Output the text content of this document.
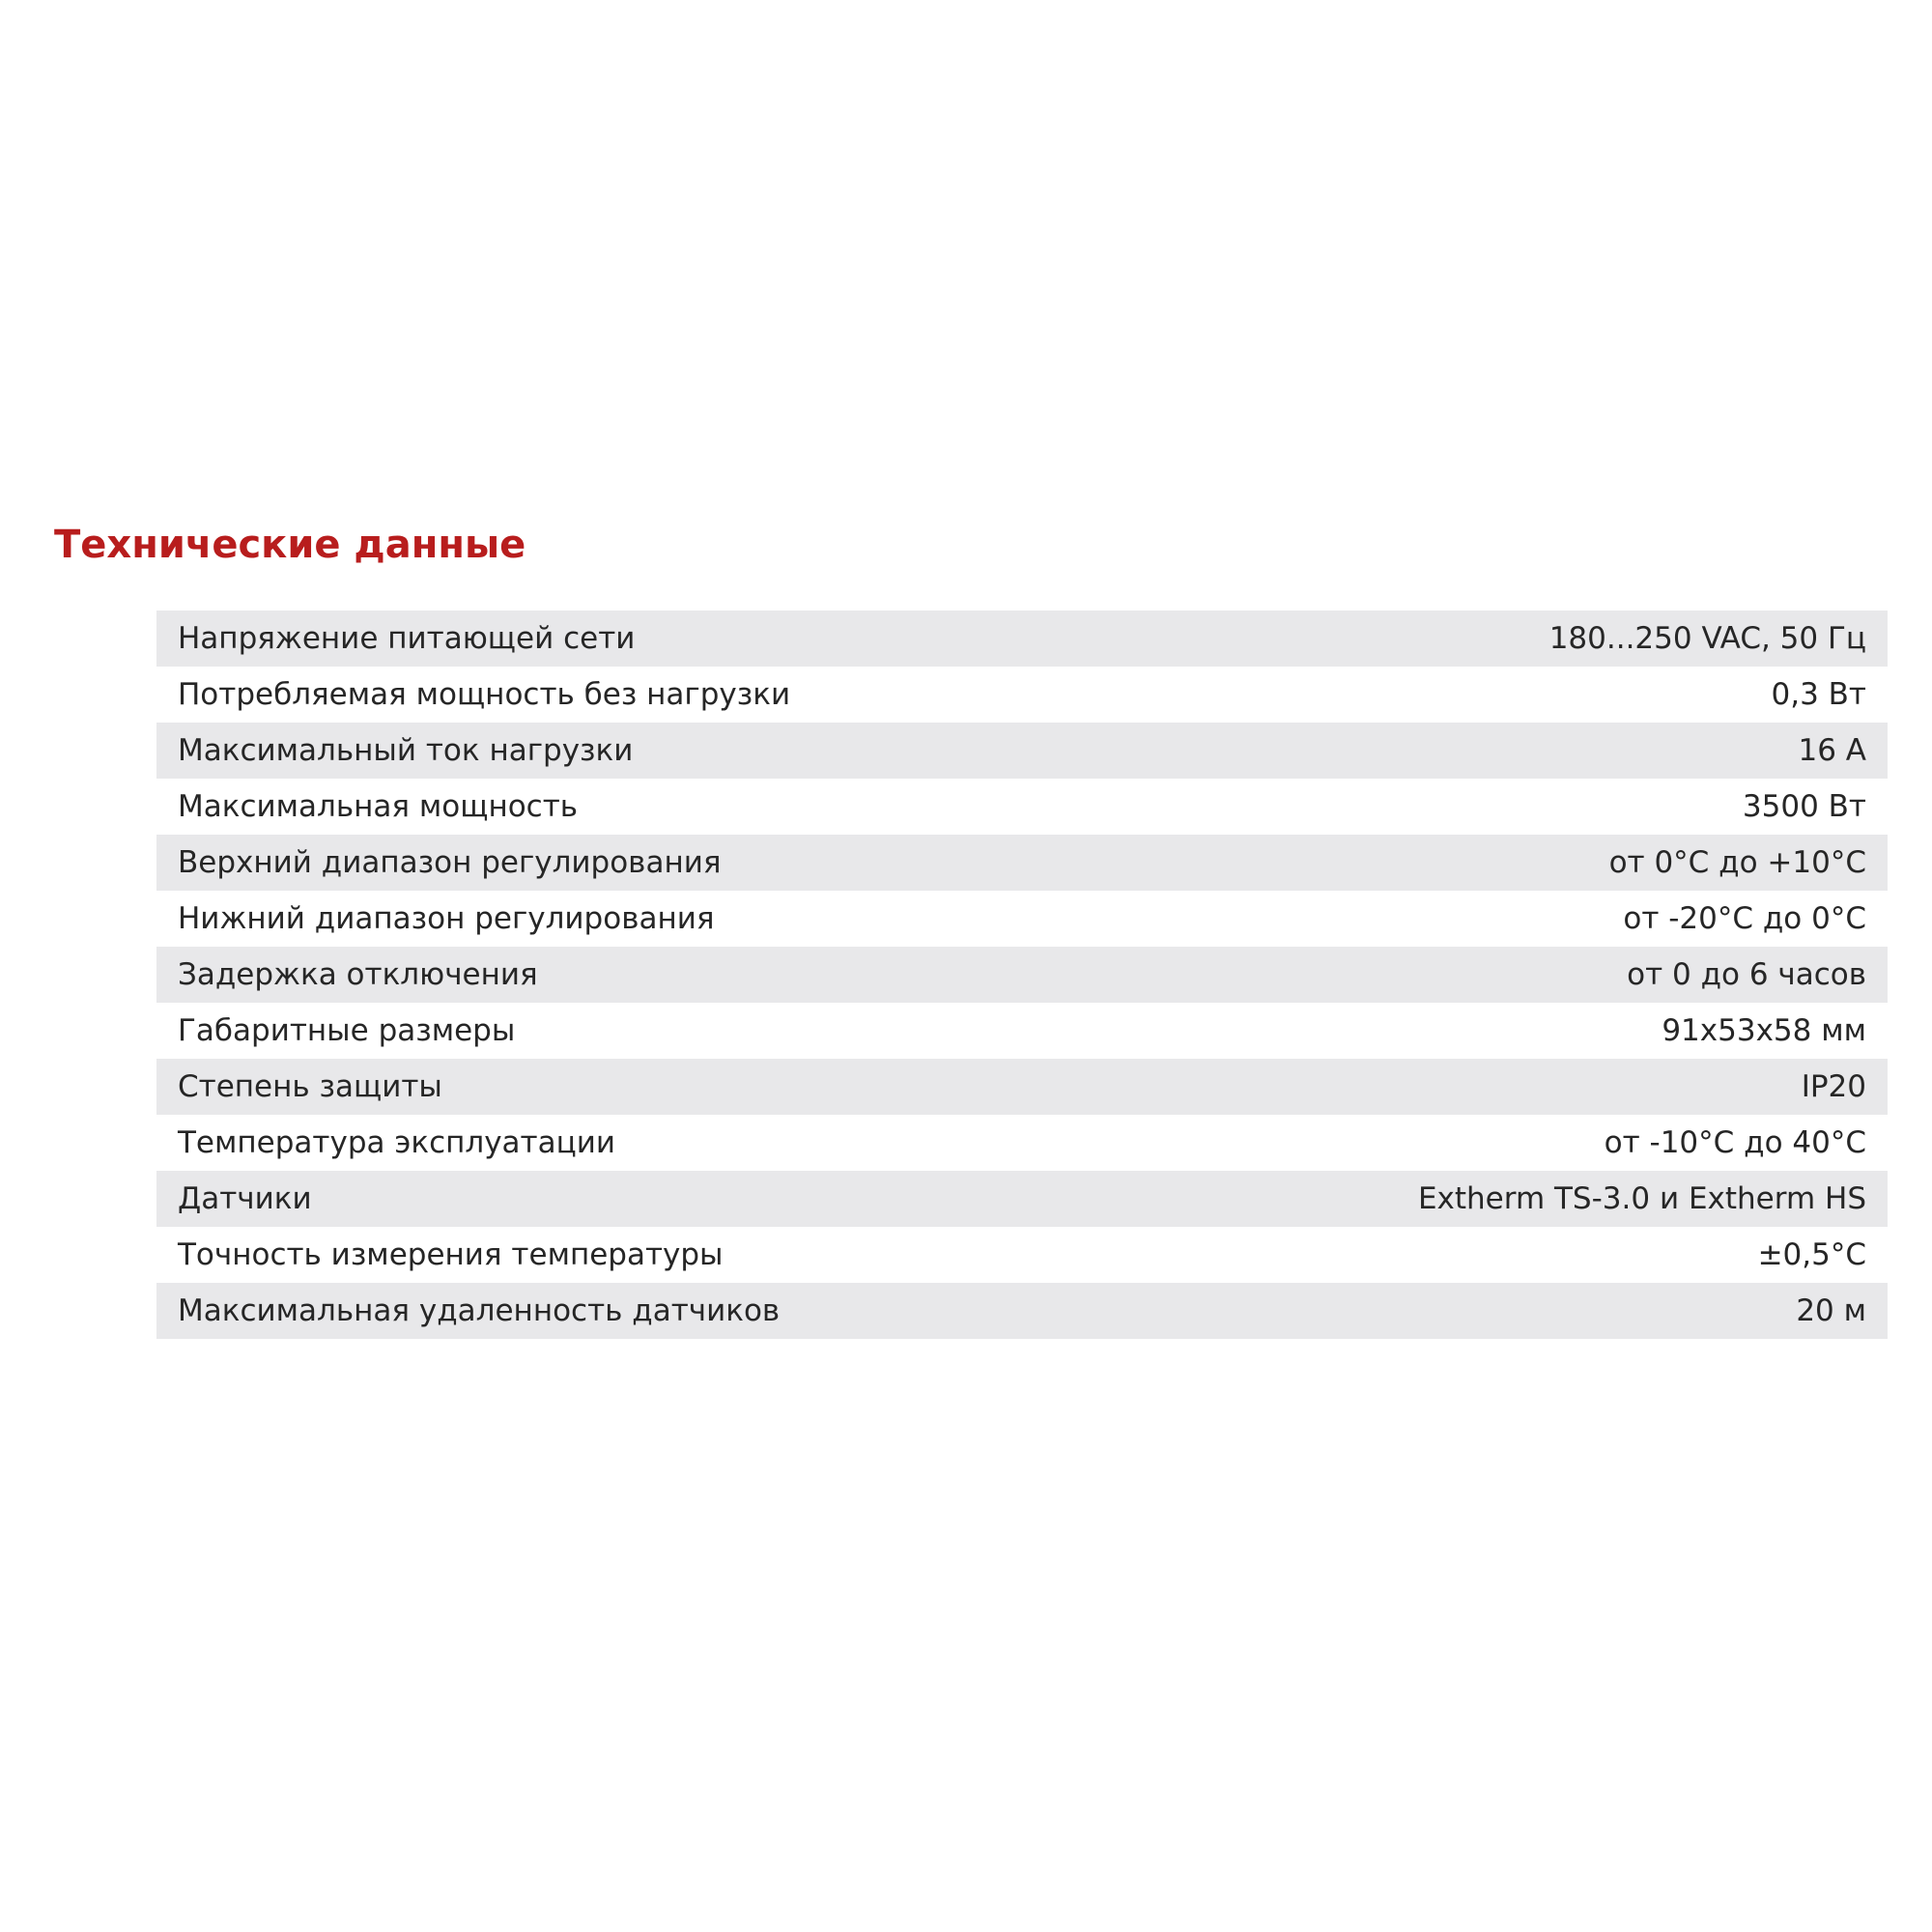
Технические данные
Напряжение питающей сети	180...250 VAC, 50 Гц
Потребляемая мощность без нагрузки	0,3 Вт
Максимальный ток нагрузки	16 А
Максимальная мощность	3500 Вт
Верхний диапазон регулирования	от 0°С до +10°С
Нижний диапазон регулирования	от -20°С до 0°С
Задержка отключения	от 0 до 6 часов
Габаритные размеры	91x53x58 мм
Степень защиты	IP20
Температура эксплуатации	от -10°С до 40°С
Датчики	Extherm TS-3.0 и Extherm HS
Точность измерения температуры	±0,5°С
Максимальная удаленность датчиков	20 м
